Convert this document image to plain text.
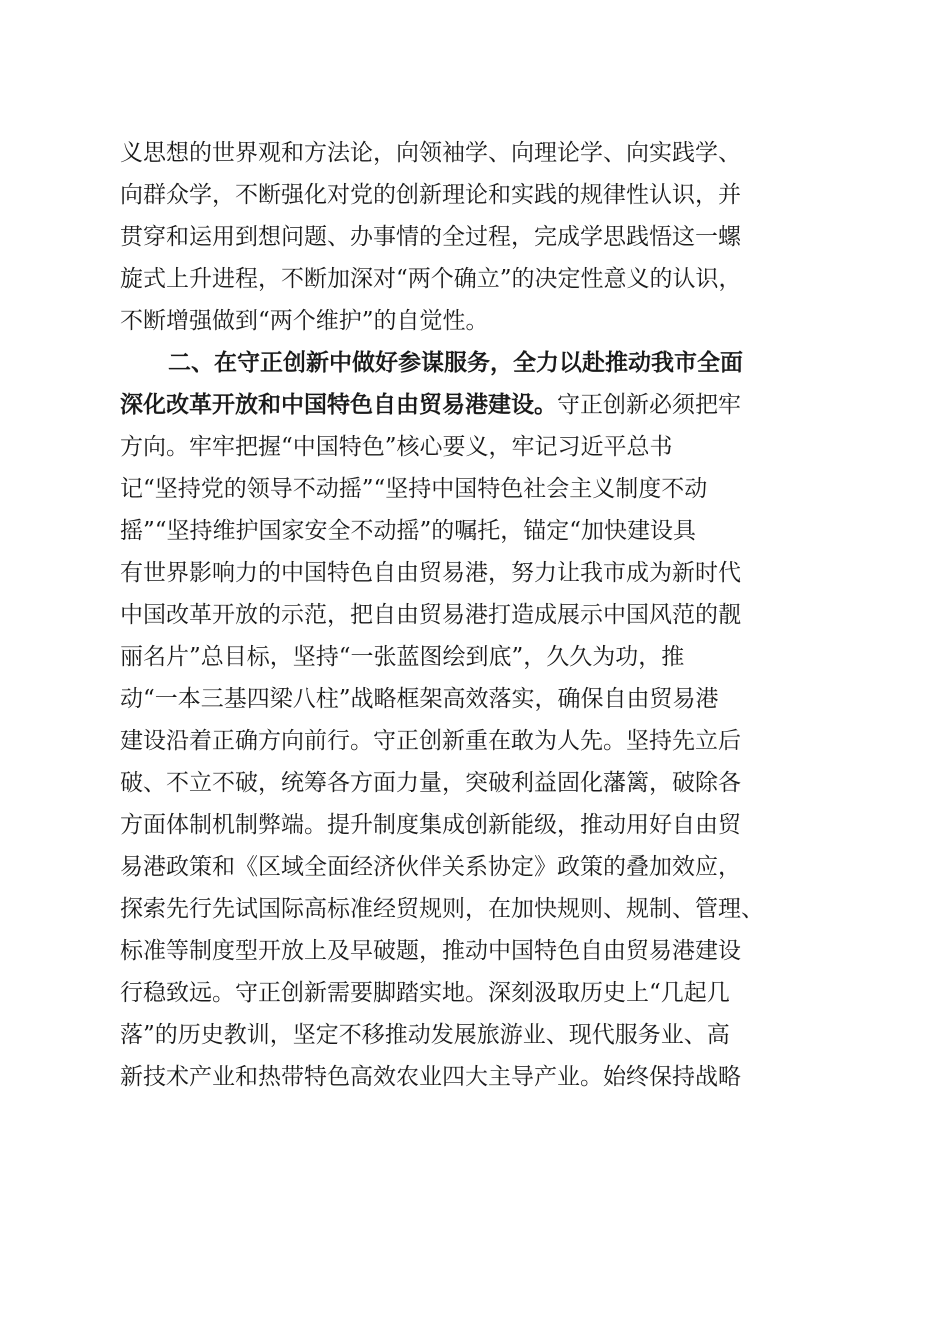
义思想的世界观和方法论，向领袖学、向理论学、向实践学、
向群众学，不断强化对党的创新理论和实践的规律性认识，并
贯穿和运用到想问题、办事情的全过程，完成学思践悟这一螺
旋式上升进程，不断加深对“两个确立”的决定性意义的认识，
不断增强做到“两个维护”的自觉性。
二、在守正创新中做好参谋服务，全力以赴推动我市全面
深化改革开放和中国特色自由贸易港建设。守正创新必须把牢
方向。牢牢把握“中国特色”核心要义，牢记习近平总书
记“坚持党的领导不动摇”“坚持中国特色社会主义制度不动
摇”“坚持维护国家安全不动摇”的嘱托，锚定“加快建设具
有世界影响力的中国特色自由贸易港，努力让我市成为新时代
中国改革开放的示范，把自由贸易港打造成展示中国风范的靓
丽名片”总目标，坚持“一张蓝图绘到底”，久久为功，推
动“一本三基四梁八柱”战略框架高效落实，确保自由贸易港
建设沿着正确方向前行。守正创新重在敢为人先。坚持先立后
破、不立不破，统筹各方面力量，突破利益固化藩篱，破除各
方面体制机制弊端。提升制度集成创新能级，推动用好自由贸
易港政策和《区域全面经济伙伴关系协定》政策的叠加效应，
探索先行先试国际高标准经贸规则，在加快规则、规制、管理、
标准等制度型开放上及早破题，推动中国特色自由贸易港建设
行稳致远。守正创新需要脚踏实地。深刻汲取历史上“几起几
落”的历史教训，坚定不移推动发展旅游业、现代服务业、高
新技术产业和热带特色高效农业四大主导产业。始终保持战略
